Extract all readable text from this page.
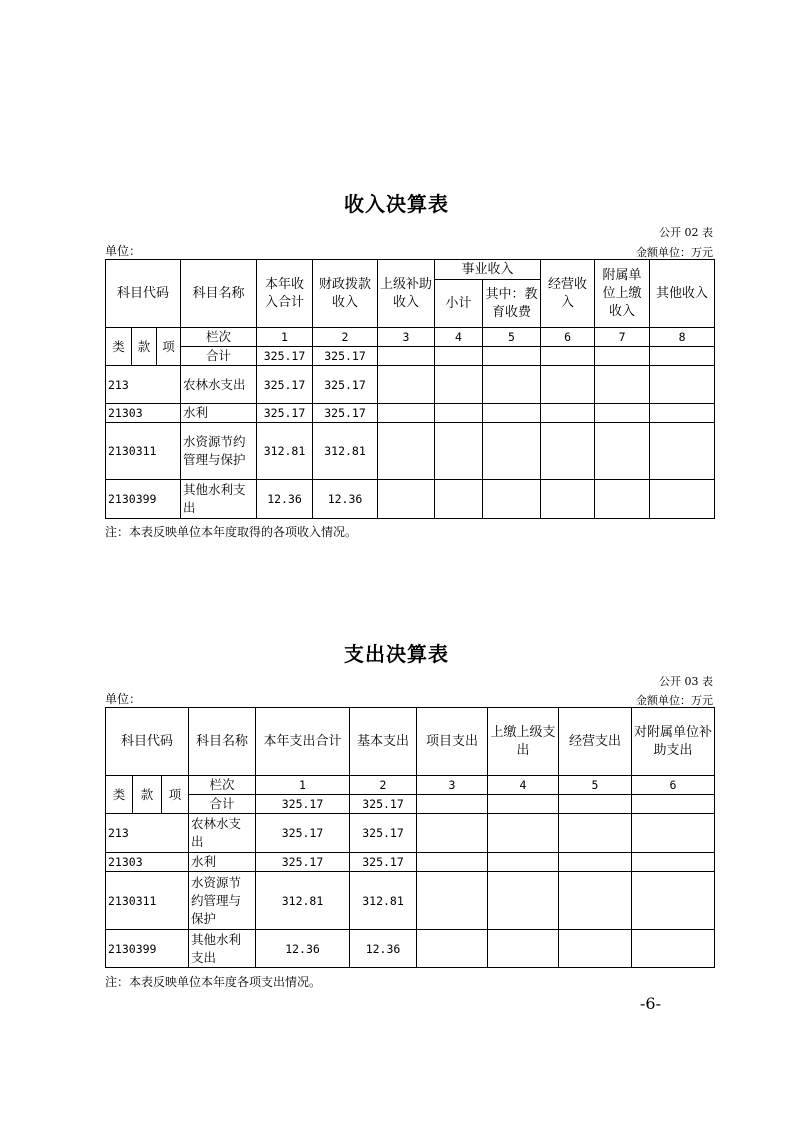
收入决算表
公开 02 表
单位：	金额单位：万元
科目代码			科目名称	本年收入合计	财政拨款收入	上级补助收入	事业收入		经营收入	附属单位上缴收入	其他收入
							小计	其中：教育收费			
类	款	项	栏次	1	2	3	4	5	6	7	8
			合计	325.17	325.17						
213			农林水支出	325.17	325.17						
21303			水利	325.17	325.17						
2130311			水资源节约管理与保护	312.81	312.81						
2130399			其他水利支出	12.36	12.36						
注：本表反映单位本年度取得的各项收入情况。
支出决算表
公开 03 表
单位：	金额单位：万元
科目代码			科目名称	本年支出合计	基本支出	项目支出	上缴上级支出	经营支出	对附属单位补助支出
类	款	项	栏次	1	2	3	4	5	6
			合计	325.17	325.17				
213			农林水支出	325.17	325.17				
21303			水利	325.17	325.17				
2130311			水资源节约管理与保护	312.81	312.81				
2130399			其他水利支出	12.36	12.36				
注：本表反映单位本年度各项支出情况。
-6-
